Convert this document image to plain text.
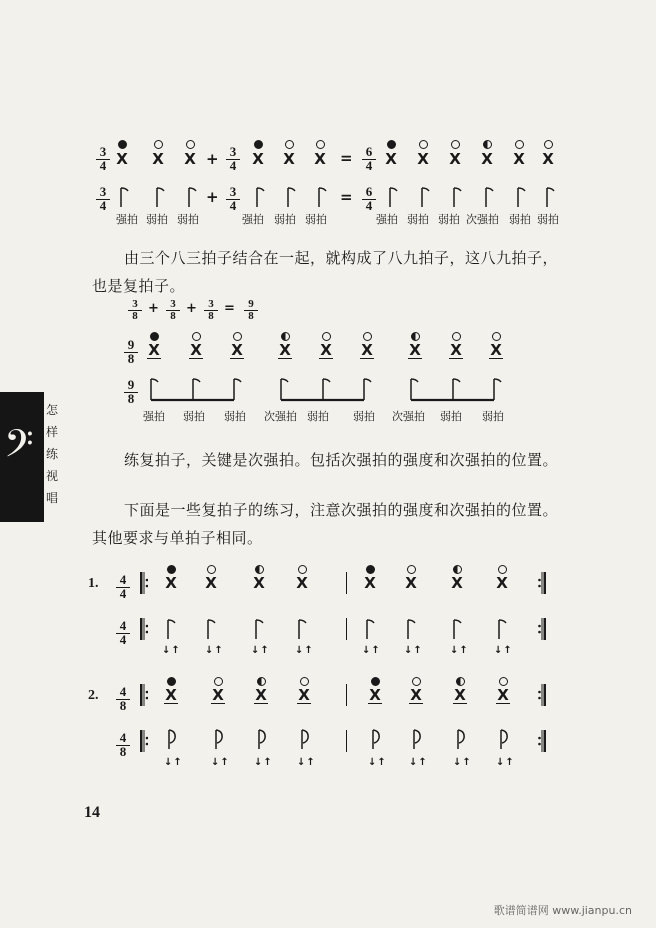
3
4 X X X + 3
4 X X X = 6
4 X X X X X X
3
4	+ 3
4	= 6
4
强拍 弱拍 弱拍	强拍 弱拍 弱拍	强拍 弱拍 弱拍 次强拍 弱拍 弱拍
由三个八三拍子结合在一起，就构成了八九拍子，这八九拍子，也是复拍子。
3
8 +	3
8 +	3
8 =	9
8
9
8 X X X X X X X X X
9
8
强拍 弱拍 弱拍 次强拍 弱拍 弱拍 次强拍 弱拍 弱拍
𝄢
怎
样
练
视
唱
练复拍子，关键是次强拍。包括次强拍的强度和次强拍的位置。
下面是一些复拍子的练习，注意次强拍的强度和次强拍的位置。其他要求与单拍子相同。
1. 4
4
X X X X	X X X X
4
4
↓↑ ↓↑	↓↑	↓↑	↓↑ ↓↑	↓↑	↓↑
2. 4
8
X X X X	X X X X
4
8
↓↑	↓↑ ↓↑ ↓↑	↓↑ ↓↑	↓↑ ↓↑
14
歌谱简谱网 www.jianpu.cn
